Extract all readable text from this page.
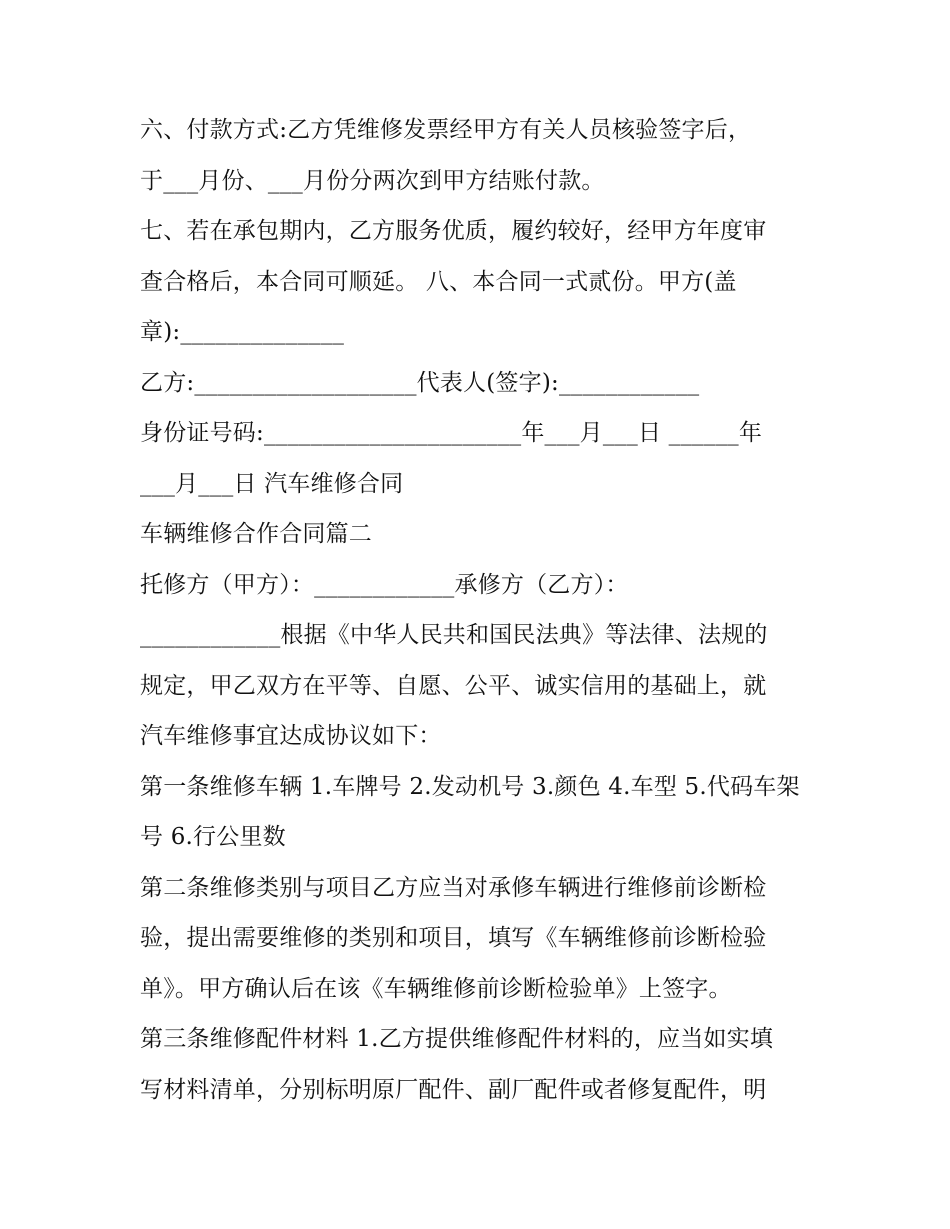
六、付款方式:乙方凭维修发票经甲方有关人员核验签字后，
于___月份、___月份分两次到甲方结账付款。
七、若在承包期内，乙方服务优质，履约较好，经甲方年度审
查合格后，本合同可顺延。 八、本合同一式贰份。甲方(盖
章):______________
乙方:___________________代表人(签字):____________
身份证号码:______________________年___月___日 ______年
___月___日 汽车维修合同
车辆维修合作合同篇二
托修方（甲方）：____________承修方（乙方）：
____________根据《中华人民共和国民法典》等法律、法规的
规定，甲乙双方在平等、自愿、公平、诚实信用的基础上，就
汽车维修事宜达成协议如下：
第一条维修车辆 1.车牌号 2.发动机号 3.颜色 4.车型 5.代码车架
号 6.行公里数
第二条维修类别与项目乙方应当对承修车辆进行维修前诊断检
验，提出需要维修的类别和项目，填写《车辆维修前诊断检验
单》。甲方确认后在该《车辆维修前诊断检验单》上签字。
第三条维修配件材料 1.乙方提供维修配件材料的，应当如实填
写材料清单，分别标明原厂配件、副厂配件或者修复配件，明
